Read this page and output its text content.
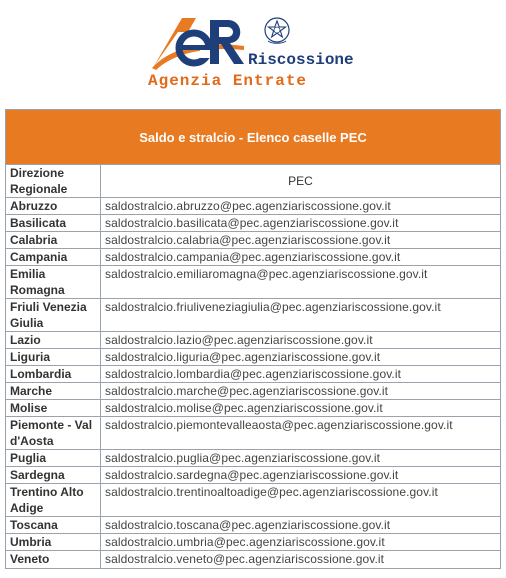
Riscossione
Agenzia Entrate
Saldo e stralcio - Elenco caselle PEC
Direzione Regionale	PEC
Abruzzo	saldostralcio.abruzzo@pec.agenziariscossione.gov.it
Basilicata	saldostralcio.basilicata@pec.agenziariscossione.gov.it
Calabria	saldostralcio.calabria@pec.agenziariscossione.gov.it
Campania	saldostralcio.campania@pec.agenziariscossione.gov.it
Emilia Romagna	saldostralcio.emiliaromagna@pec.agenziariscossione.gov.it
Friuli Venezia Giulia	saldostralcio.friuliveneziagiulia@pec.agenziariscossione.gov.it
Lazio	saldostralcio.lazio@pec.agenziariscossione.gov.it
Liguria	saldostralcio.liguria@pec.agenziariscossione.gov.it
Lombardia	saldostralcio.lombardia@pec.agenziariscossione.gov.it
Marche	saldostralcio.marche@pec.agenziariscossione.gov.it
Molise	saldostralcio.molise@pec.agenziariscossione.gov.it
Piemonte - Val d'Aosta	saldostralcio.piemontevalleaosta@pec.agenziariscossione.gov.it
Puglia	saldostralcio.puglia@pec.agenziariscossione.gov.it
Sardegna	saldostralcio.sardegna@pec.agenziariscossione.gov.it
Trentino Alto Adige	saldostralcio.trentinoaltoadige@pec.agenziariscossione.gov.it
Toscana	saldostralcio.toscana@pec.agenziariscossione.gov.it
Umbria	saldostralcio.umbria@pec.agenziariscossione.gov.it
Veneto	saldostralcio.veneto@pec.agenziariscossione.gov.it
